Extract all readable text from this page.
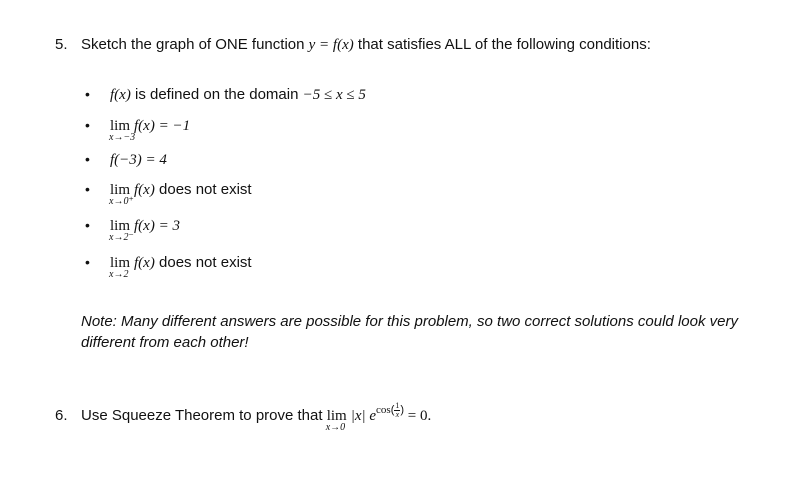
5. Sketch the graph of ONE function y = f(x) that satisfies ALL of the following conditions:
• f(x) is defined on the domain −5 ≤ x ≤ 5
• lim
x→−3
f(x) = −1
• f(−3) = 4
• lim
x→0⁺
f(x) does not exist
• lim
x→2⁻
f(x) = 3
• lim
x→2
f(x) does not exist
Note: Many different answers are possible for this problem, so two correct solutions could look very different from each other!
6. Use Squeeze Theorem to prove that lim
x→0
|x| $e^{cos( \frac{1}{x} )} = 0$.
